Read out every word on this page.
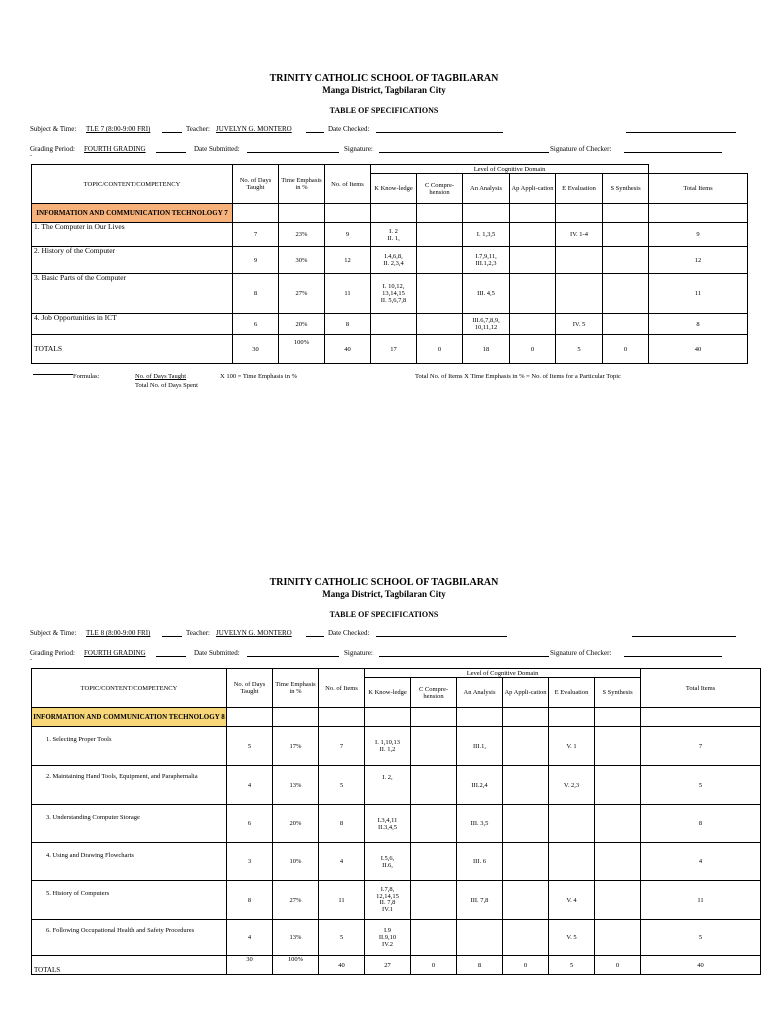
TRINITY CATHOLIC SCHOOL OF TAGBILARAN
Manga District, Tagbilaran City
TABLE OF SPECIFICATIONS
Subject & Time: TLE 7 (8:00-9:00 FRI)	Teacher: JUVELYN G. MONTERO	Date Checked:
Grading Period: FOURTH GRADING	Date Submitted:	Signature:	Signature of Checker:
‐
TOPIC/CONTENT/COMPETENCY	No. of Days Taught	Time Emphasis in %	No. of Items	Level of Cognitive Domain						
				K Know-ledge	C Compre-hension	An Analysis	Ap Appli-cation	E Evaluation	S Synthesis	Total Items
INFORMATION AND COMMUNICATION TECHNOLOGY 7										
1. The Computer in Our Lives	7	23%	9	I. 2
II. 1,		I. 1,3,5		IV. 1-4		9
2. History of the Computer	9	30%	12	I.4,6,8,
II. 2,3,4		I.7,9,11,
III.1,2,3				12
3. Basic Parts of the Computer	8	27%	11	I. 10,12,
13,14,15
II. 5,6,7,8		III. 4,5				11
4. Job Opportunities in ICT	6	20%	8			III.6,7,8,9,
10,11,12		IV. 5		8
TOTALS	30	100%	40	17	0	18	0	5	0	40
Formulas:	No. of Days Taught	X 100 = Time Emphasis in %
Total No. of Days Spent
Total No. of Items X Time Emphasis in % = No. of Items for a Particular Topic
TRINITY CATHOLIC SCHOOL OF TAGBILARAN
Manga District, Tagbilaran City
TABLE OF SPECIFICATIONS
Subject & Time: TLE 8 (8:00-9:00 FRI)	Teacher: JUVELYN G. MONTERO	Date Checked:
Grading Period: FOURTH GRADING	Date Submitted:	Signature:	Signature of Checker:
‐
TOPIC/CONTENT/COMPETENCY	No. of Days Taught	Time Emphasis in %	No. of Items	Level of Cognitive Domain						Total Items
				K Know-ledge	C Compre-hension	An Analysis	Ap Appli-cation	E Evaluation	S Synthesis	
INFORMATION AND COMMUNICATION TECHNOLOGY 8										
1. Selecting Proper Tools	5	17%	7	I. 1,10,13
II. 1,2		III.1,		V. 1		7
2. Maintaining Hand Tools, Equipment, and Paraphernalia	4	13%	5	I. 2,		III.2,4		V. 2,3		5
3. Understanding Computer Storage	6	20%	8	I.3,4,11
II.3,4,5		III. 3,5				8
4. Using and Drawing Flowcharts	3	10%	4	I.5,6,
II.6,		III. 6				4
5. History of Computers	8	27%	11	I.7,8,
12,14,15
II. 7,8
IV.1		III. 7,8		V. 4		11
6. Following Occupational Health and Safety Procedures	4	13%	5	I.9
II.9,10
IV.2				V. 5		5
TOTALS	30	100%	40	27	0	8	0	5	0	40
